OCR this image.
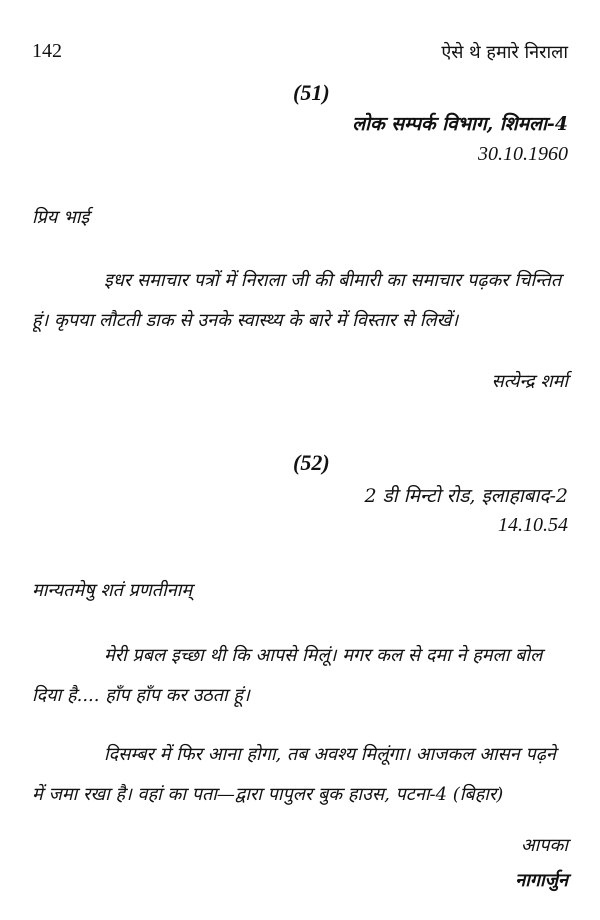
142	ऐसे थे हमारे निराला
(51)
लोक सम्पर्क विभाग, शिमला-4
30.10.1960
प्रिय भाई
इधर समाचार पत्रों में निराला जी की बीमारी का समाचार पढ़कर चिन्तित
हूं। कृपया लौटती डाक से उनके स्वास्थ्य के बारे में विस्तार से लिखें।
सत्येन्द्र शर्मा
(52)
2 डी मिन्टो रोड, इलाहाबाद-2
14.10.54
मान्यतमेषु शतं प्रणतीनाम्
मेरी प्रबल इच्छा थी कि आपसे मिलूं। मगर कल से दमा ने हमला बोल
दिया है.... हाँप हाँप कर उठता हूं।
दिसम्बर में फिर आना होगा, तब अवश्य मिलूंगा। आजकल आसन पढ़ने
में जमा रखा है। वहां का पता—द्वारा पापुलर बुक हाउस, पटना-4 (बिहार)
आपका
नागार्जुन
